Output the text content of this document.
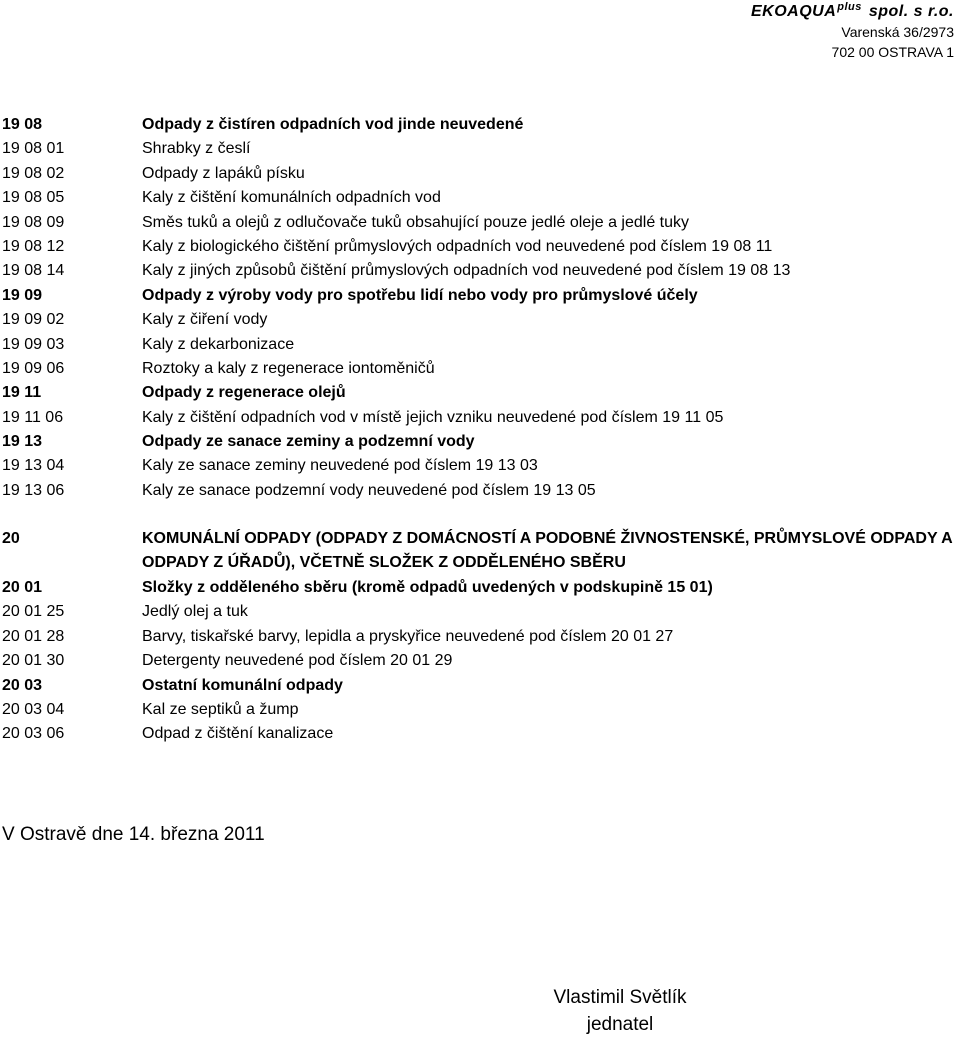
$EKOAQUA^{plus}$ spol. s r.o.
Varenská 36/2973
702 00 OSTRAVA 1
19 08	Odpady z čistíren odpadních vod jinde neuvedené
19 08 01	Shrabky z česlí
19 08 02	Odpady z lapáků písku
19 08 05	Kaly z čištění komunálních odpadních vod
19 08 09	Směs tuků a olejů z odlučovače tuků obsahující pouze jedlé oleje a jedlé tuky
19 08 12	Kaly z biologického čištění průmyslových odpadních vod neuvedené pod číslem 19 08 11
19 08 14	Kaly z jiných způsobů čištění průmyslových odpadních vod neuvedené pod číslem 19 08 13
19 09	Odpady z výroby vody pro spotřebu lidí nebo vody pro průmyslové účely
19 09 02	Kaly z čiření vody
19 09 03	Kaly z dekarbonizace
19 09 06	Roztoky a kaly z regenerace iontoměničů
19 11	Odpady z regenerace olejů
19 11 06	Kaly z čištění odpadních vod v místě jejich vzniku neuvedené pod číslem 19 11 05
19 13	Odpady ze sanace zeminy a podzemní vody
19 13 04	Kaly ze sanace zeminy neuvedené pod číslem 19 13 03
19 13 06	Kaly ze sanace podzemní vody neuvedené pod číslem 19 13 05
20	KOMUNÁLNÍ ODPADY (ODPADY Z DOMÁCNOSTÍ A PODOBNÉ ŽIVNOSTENSKÉ, PRŮMYSLOVÉ ODPADY A ODPADY Z ÚŘADŮ), VČETNĚ SLOŽEK Z ODDĚLENÉHO SBĚRU
20 01	Složky z odděleného sběru (kromě odpadů uvedených v podskupině 15 01)
20 01 25	Jedlý olej a tuk
20 01 28	Barvy, tiskařské barvy, lepidla a pryskyřice neuvedené pod číslem 20 01 27
20 01 30	Detergenty neuvedené pod číslem 20 01 29
20 03	Ostatní komunální odpady
20 03 04	Kal ze septiků a žump
20 03 06	Odpad z čištění kanalizace
V Ostravě dne 14. března 2011
Vlastimil Světlík
jednatel
